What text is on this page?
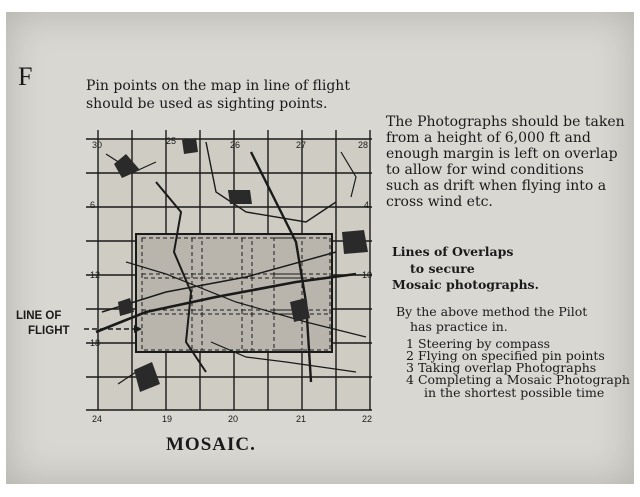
F	Pin points on the map in line of flight
should be used as sighting points.
The Photographs should be taken
from a height of 6,000 ft and
enough margin is left on overlap
to allow for wind conditions
such as drift when flying into a
cross wind etc.
Lines of Overlaps
to secure
Mosaic photographs.
By the above method the Pilot
has practice in.
1 Steering by compass
2 Flying on specified pin points
3 Taking overlap Photographs
4 Completing a Mosaic Photograph
in the shortest possible time
LINE OF
FLIGHT
MOSAIC.
30	25	26	27	28
24	19	20	21	22
6
12
18
4
10
